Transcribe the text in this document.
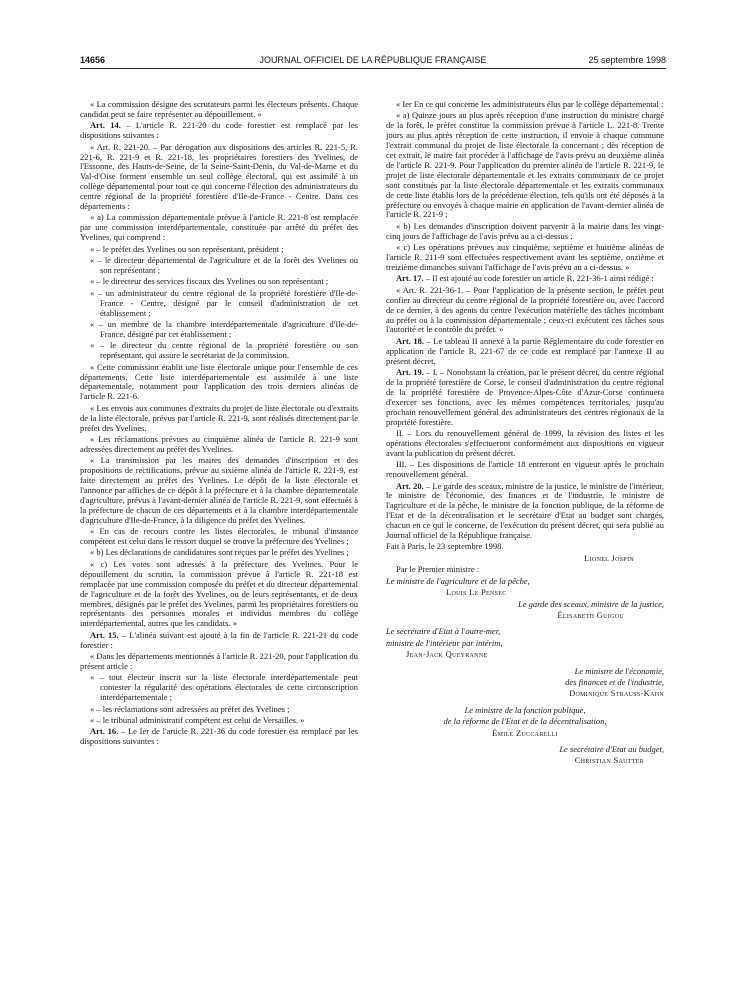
14656	JOURNAL OFFICIEL DE LA RÉPUBLIQUE FRANÇAISE	25 septembre 1998

« La commission désigne des scrutateurs parmi les électeurs présents. Chaque candidat peut se faire représenter au dépouillement. »

Art. 14. – L'article R. 221-20 du code forestier est remplacé par les dispositions suivantes :

« Art. R. 221-20. – Par dérogation aux dispositions des articles R. 221-5, R. 221-6, R. 221-9 et R. 221-18, les propriétaires forestiers des Yvelines, de l'Essonne, des Hauts-de-Seine, de la Seine-Saint-Denis, du Val-de-Marne et du Val-d'Oise forment ensemble un seul collège électoral, qui est assimilé à un collège départemental pour tout ce qui concerne l'élection des administrateurs du centre régional de la propriété forestière d'Ile-de-France - Centre. Dans ces départements :

« a) La commission départementale prévue à l'article R. 221-8 est remplacée par une commission interdépartementale, constituée par arrêté du préfet des Yvelines, qui comprend :

« – le préfet des Yvelines ou son représentant, président ;

« – le directeur départemental de l'agriculture et de la forêt des Yvelines ou son représentant ;

« – le directeur des services fiscaux des Yvelines ou son représentant ;

« – un administrateur du centre régional de la propriété forestière d'Ile-de-France - Centre, désigné par le conseil d'administration de cet établissement ;

« – un membre de la chambre interdépartementale d'agriculture d'Ile-de-France, désigné par cet établissement ;

« – le directeur du centre régional de la propriété forestière ou son représentant, qui assure le secrétariat de la commission.

« Cette commission établit une liste électorale unique pour l'ensemble de ces départements. Cette liste interdépartementale est assimilée à une liste départementale, notamment pour l'application des trois derniers alinéas de l'article R. 221-6.

« Les envois aux communes d'extraits du projet de liste électorale ou d'extraits de la liste électorale, prévus par l'article R. 221-9, sont réalisés directement par le préfet des Yvelines.

« Les réclamations prévues au cinquième alinéa de l'article R. 221-9 sont adressées directement au préfet des Yvelines.

« La transmission par les maires des demandes d'inscription et des propositions de rectifications, prévue au sixième alinéa de l'article R. 221-9, est faite directement au préfet des Yvelines. Le dépôt de la liste électorale et l'annonce par affiches de ce dépôt à la préfecture et à la chambre départementale d'agriculture, prévus à l'avant-dernier alinéa de l'article R. 221-9, sont effectués à la préfecture de chacun de ces départements et à la chambre interdépartementale d'agriculture d'Ile-de-France, à la diligence du préfet des Yvelines.

« En cas de recours contre les listes électorales, le tribunal d'instance compétent est celui dans le ressort duquel se trouve la préfecture des Yvelines ;

« b) Les déclarations de candidatures sont reçues par le préfet des Yvelines ;

« c) Les votes sont adressés à la préfecture des Yvelines. Pour le dépouillement du scrutin, la commission prévue à l'article R. 221-18 est remplacée par une commission composée du préfet et du directeur départemental de l'agriculture et de la forêt des Yvelines, ou de leurs représentants, et de deux membres, désignés par le préfet des Yvelines, parmi les propriétaires forestiers ou représentants des personnes morales et individus membres du collège interdépartemental, autres que les candidats. »

Art. 15. – L'alinéa suivant est ajouté à la fin de l'article R. 221-21 du code forestier :

« Dans les départements mentionnés à l'article R. 221-20, pour l'application du présent article :

« – tout électeur inscrit sur la liste électorale interdépartementale peut contester la régularité des opérations électorales de cette circonscription interdépartementale ;

« – les réclamations sont adressées au préfet des Yvelines ;

« – le tribunal administratif compétent est celui de Versailles. »

Art. 16. – Le Ier de l'article R. 221-36 du code forestier est remplacé par les dispositions suivantes :

« Ier En ce qui concerne les administrateurs élus par le collège départemental :

« a) Quinze jours au plus après réception d'une instruction du ministre chargé de la forêt, le préfet constitue la commission prévue à l'article L. 221-8. Trente jours au plus après réception de cette instruction, il envoie à chaque commune l'extrait communal du projet de liste électorale la concernant ; dès réception de cet extrait, le maire fait procéder à l'affichage de l'avis prévu au deuxième alinéa de l'article R. 221-9. Pour l'application du premier alinéa de l'article R. 221-9, le projet de liste électorale départementale et les extraits communaux de ce projet sont constitués par la liste électorale départementale et les extraits communaux de cette liste établis lors de la précédente élection, tels qu'ils ont été déposés à la préfecture ou envoyés à chaque mairie en application de l'avant-dernier alinéa de l'article R. 221-9 ;

« b) Les demandes d'inscription doivent parvenir à la mairie dans les vingt-cinq jours de l'affichage de l'avis prévu au a ci-dessus ;

« c) Les opérations prévues aux cinquième, septième et huitième alinéas de l'article R. 211-9 sont effectuées respectivement avant les septième, onzième et treizième dimanches suivant l'affichage de l'avis prévu au a ci-dessus. »

Art. 17. – Il est ajouté au code forestier un article R. 221-36-1 ainsi rédigé :

« Art. R. 221-36-1. – Pour l'application de la présente section, le préfet peut confier au directeur du centre régional de la propriété forestière ou, avec l'accord de ce dernier, à des agents du centre l'exécution matérielle des tâches incombant au préfet ou à la commission départementale ; ceux-ci exécutent ces tâches sous l'autorité et le contrôle du préfet. »

Art. 18. – Le tableau II annexé à la partie Réglementaire du code forestier en application de l'article R. 221-67 de ce code est remplacé par l'annexe II au présent décret.

Art. 19. – I. – Nonobstant la création, par le présent décret, du centre régional de la propriété forestière de Corse, le conseil d'administration du centre régional de la propriété forestière de Provence-Alpes-Côte d'Azur-Corse continuera d'exercer ses fonctions, avec les mêmes compétences territoriales, jusqu'au prochain renouvellement général des administrateurs des centres régionaux de la propriété forestière.

II. – Lors du renouvellement général de 1999, la révision des listes et les opérations électorales s'effectueront conformément aux dispositions en vigueur avant la publication du présent décret.

III. – Les dispositions de l'article 18 entreront en vigueur après le prochain renouvellement général.

Art. 20. – Le garde des sceaux, ministre de la justice, le ministre de l'intérieur, le ministre de l'économie, des finances et de l'industrie, le ministre de l'agriculture et de la pêche, le ministre de la fonction publique, de la réforme de l'Etat et de la décentralisation et le secrétaire d'Etat au budget sont chargés, chacun en ce qui le concerne, de l'exécution du présent décret, qui sera publié au Journal officiel de la République française.

Fait à Paris, le 23 septembre 1998.

Lionel Jospin

Par le Premier ministre :

Le ministre de l'agriculture et de la pêche,

Louis Le Pensec

Le garde des sceaux, ministre de la justice,

Élisabeth Guigou

Le secrétaire d'Etat à l'outre-mer,

ministre de l'intérieur par intérim,

Jean-Jack Queyranne

Le ministre de l'économie,

des finances et de l'industrie,

Dominique Strauss-Kahn

Le ministre de la fonction publique,

de la réforme de l'Etat et de la décentralisation,

Émile Zuccarelli

Le secrétaire d'Etat au budget,

Christian Sautter
